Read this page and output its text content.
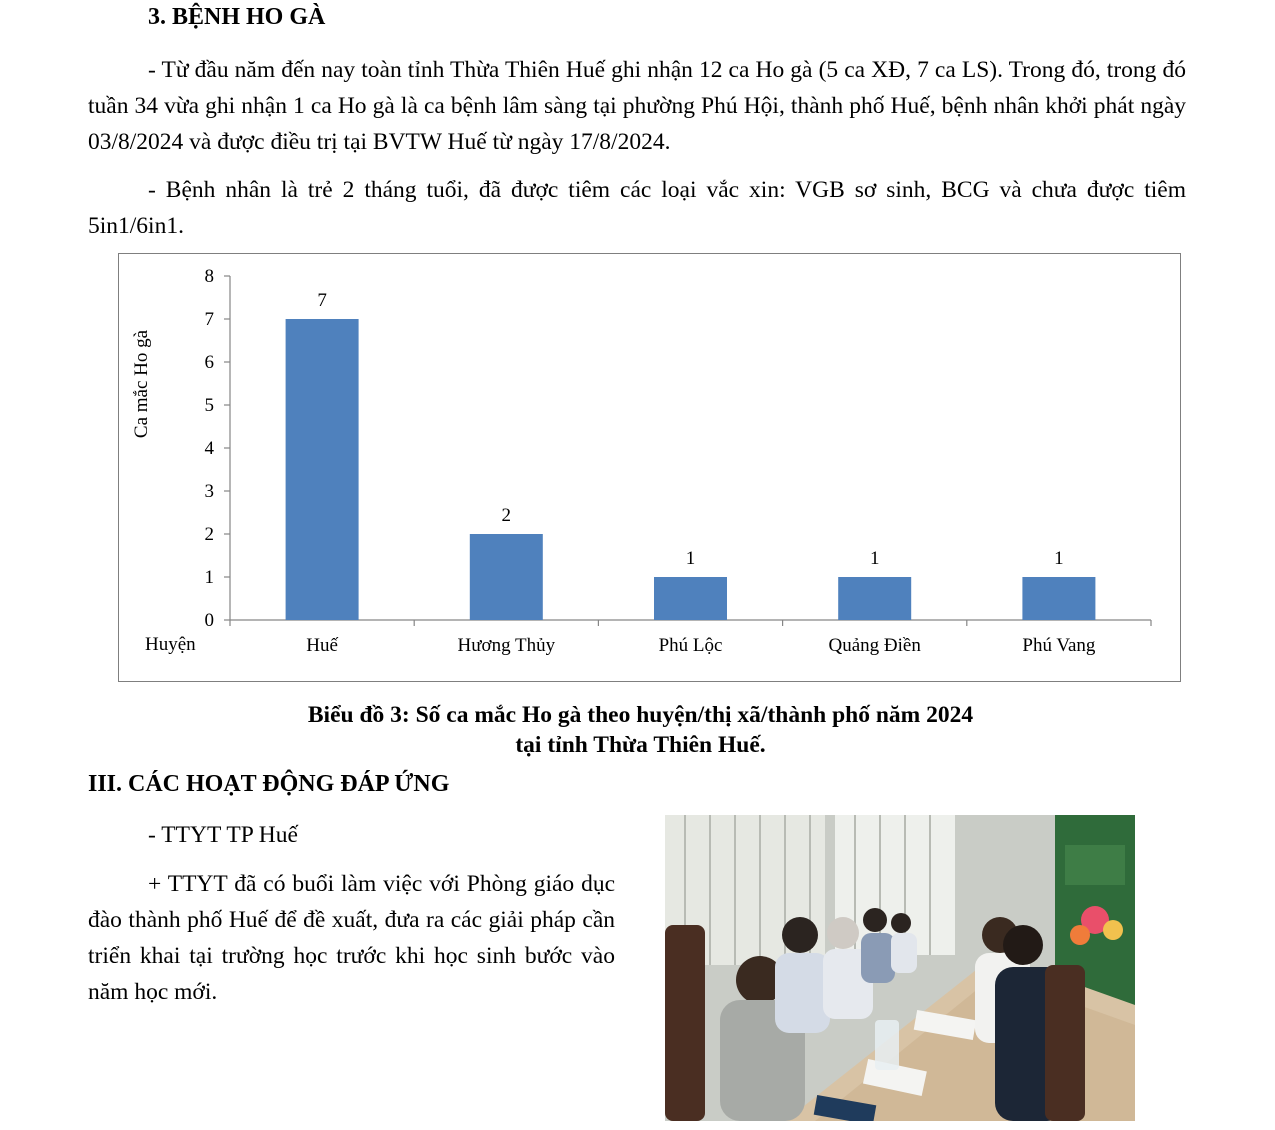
3. BỆNH HO GÀ

- Từ đầu năm đến nay toàn tỉnh Thừa Thiên Huế ghi nhận 12 ca Ho gà (5 ca XĐ, 7 ca LS). Trong đó, trong đó tuần 34 vừa ghi nhận 1 ca Ho gà là ca bệnh lâm sàng tại phường Phú Hội, thành phố Huế, bệnh nhân khởi phát ngày 03/8/2024 và được điều trị tại BVTW Huế từ ngày 17/8/2024.

- Bệnh nhân là trẻ 2 tháng tuổi, đã được tiêm các loại vắc xin: VGB sơ sinh, BCG và chưa được tiêm 5in1/6in1.

0
1
2
3
4
5
6
7
8
7
2
1	1	1
Huế	Hương Thủy	Phú Lộc	Quảng Điền	Phú Vang
Ca mắc Ho gà
Huyện
Biểu đồ 3: Số ca mắc Ho gà theo huyện/thị xã/thành phố năm 2024
tại tỉnh Thừa Thiên Huế.
III. CÁC HOẠT ĐỘNG ĐÁP ỨNG

- TTYT TP Huế

+ TTYT đã có buổi làm việc với Phòng giáo dục đào thành phố Huế để đề xuất, đưa ra các giải pháp cần triển khai tại trường học trước khi học sinh bước vào năm học mới.
